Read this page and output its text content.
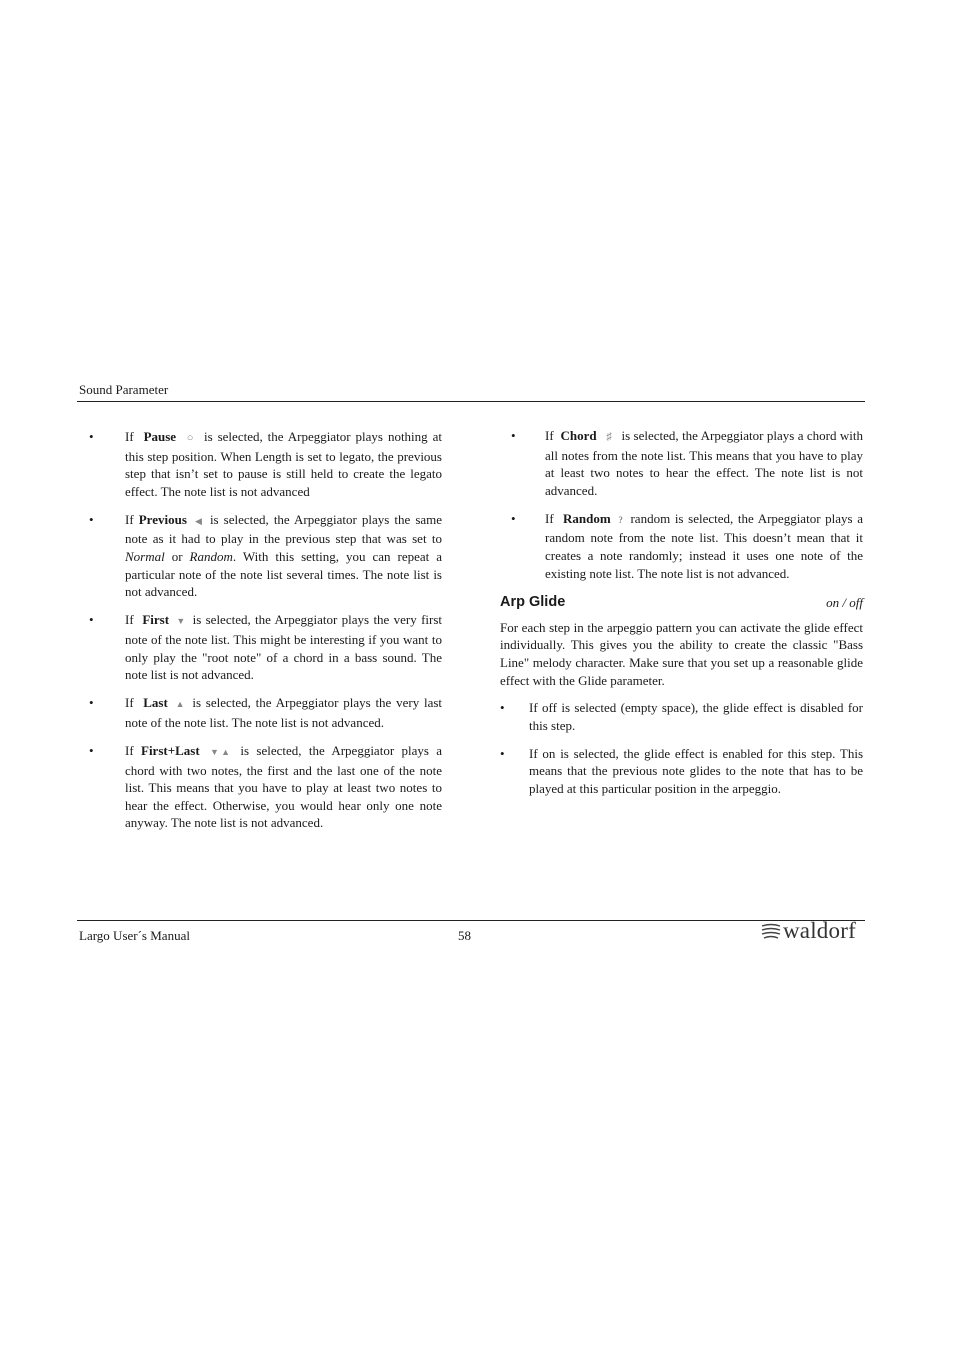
Sound Parameter
• If Pause ○ is selected, the Arpeggiator plays nothing at this step position. When Length is set to legato, the previous step that isn’t set to pause is still held to create the legato effect. The note list is not advanced
• If Previous ◀ is selected, the Arpeggiator plays the same note as it had to play in the previous step that was set to Normal or Random. With this setting, you can repeat a particular note of the note list several times. The note list is not advanced.
• If First ▼ is selected, the Arpeggiator plays the very first note of the note list. This might be interesting if you want to only play the "root note" of a chord in a bass sound. The note list is not advanced.
• If Last ▲ is selected, the Arpeggiator plays the very last note of the note list. The note list is not advanced.
• If First+Last ▼ ▲ is selected, the Arpeggiator plays a chord with two notes, the first and the last one of the note list. This means that you have to play at least two notes to hear the effect. Otherwise, you would hear only one note anyway. The note list is not advanced.
• If Chord ♯ is selected, the Arpeggiator plays a chord with all notes from the note list. This means that you have to play at least two notes to hear the effect. The note list is not advanced.
• If Random ? random is selected, the Arpeggiator plays a random note from the note list. This doesn’t mean that it creates a note randomly; instead it uses one note of the existing note list. The note list is not advanced.
Arp Glide	on / off

For each step in the arpeggio pattern you can activate the glide effect individually. This gives you the ability to create the classic "Bass Line" melody character. Make sure that you set up a reasonable glide effect with the Glide parameter.

• If off is selected (empty space), the glide effect is disabled for this step.
• If on is selected, the glide effect is enabled for this step. This means that the previous note glides to the note that has to be played at this particular position in the arpeggio.
Largo User´s Manual	58	waldorf
